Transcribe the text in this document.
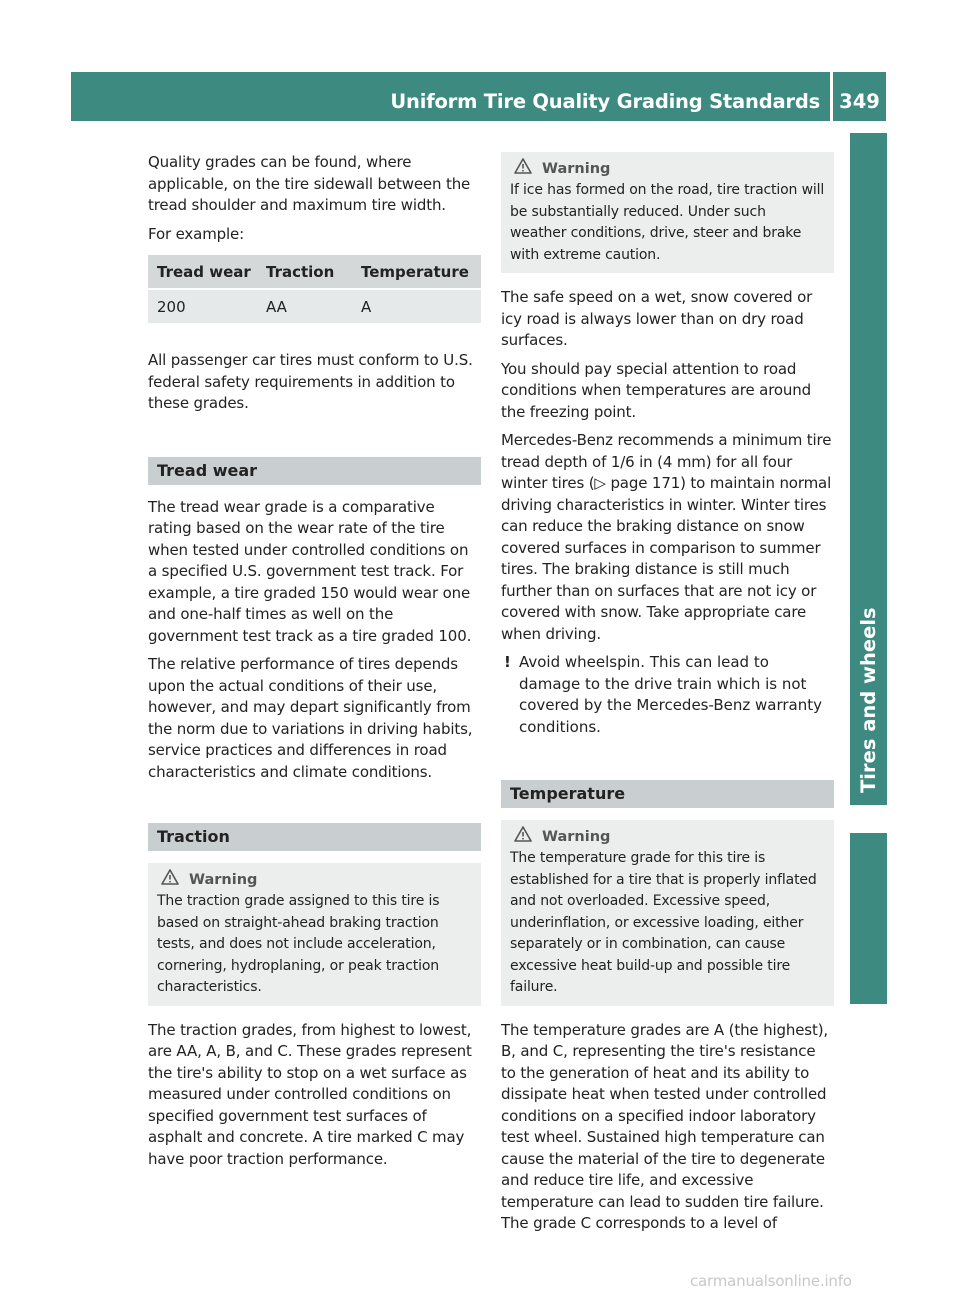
Uniform Tire Quality Grading Standards 349
Tires and wheels

Quality grades can be found, where applicable, on the tire sidewall between the tread shoulder and maximum tire width.

For example:

Tread wear	Traction	Temperature
200	AA	A

All passenger car tires must conform to U.S. federal safety requirements in addition to these grades.

Tread wear

The tread wear grade is a comparative rating based on the wear rate of the tire when tested under controlled conditions on a specified U.S. government test track. For example, a tire graded 150 would wear one and one-half times as well on the government test track as a tire graded 100.

The relative performance of tires depends upon the actual conditions of their use, however, and may depart significantly from the norm due to variations in driving habits, service practices and differences in road characteristics and climate conditions.

Traction
Warning

The traction grade assigned to this tire is based on straight-ahead braking traction tests, and does not include acceleration, cornering, hydroplaning, or peak traction characteristics.

The traction grades, from highest to lowest, are AA, A, B, and C. These grades represent the tire's ability to stop on a wet surface as measured under controlled conditions on specified government test surfaces of asphalt and concrete. A tire marked C may have poor traction performance.

Warning

If ice has formed on the road, tire traction will be substantially reduced. Under such weather conditions, drive, steer and brake with extreme caution.

The safe speed on a wet, snow covered or icy road is always lower than on dry road surfaces.

You should pay special attention to road conditions when temperatures are around the freezing point.

Mercedes-Benz recommends a minimum tire tread depth of 1/6 in (4 mm) for all four winter tires (▷ page 171) to maintain normal driving characteristics in winter. Winter tires can reduce the braking distance on snow covered surfaces in comparison to summer tires. The braking distance is still much further than on surfaces that are not icy or covered with snow. Take appropriate care when driving.

! Avoid wheelspin. This can lead to damage to the drive train which is not covered by the Mercedes-Benz warranty conditions.
Temperature
Warning

The temperature grade for this tire is established for a tire that is properly inflated and not overloaded. Excessive speed, underinflation, or excessive loading, either separately or in combination, can cause excessive heat build-up and possible tire failure.

The temperature grades are A (the highest), B, and C, representing the tire's resistance to the generation of heat and its ability to dissipate heat when tested under controlled conditions on a specified indoor laboratory test wheel. Sustained high temperature can cause the material of the tire to degenerate and reduce tire life, and excessive temperature can lead to sudden tire failure. The grade C corresponds to a level of

carmanualsonline.info
